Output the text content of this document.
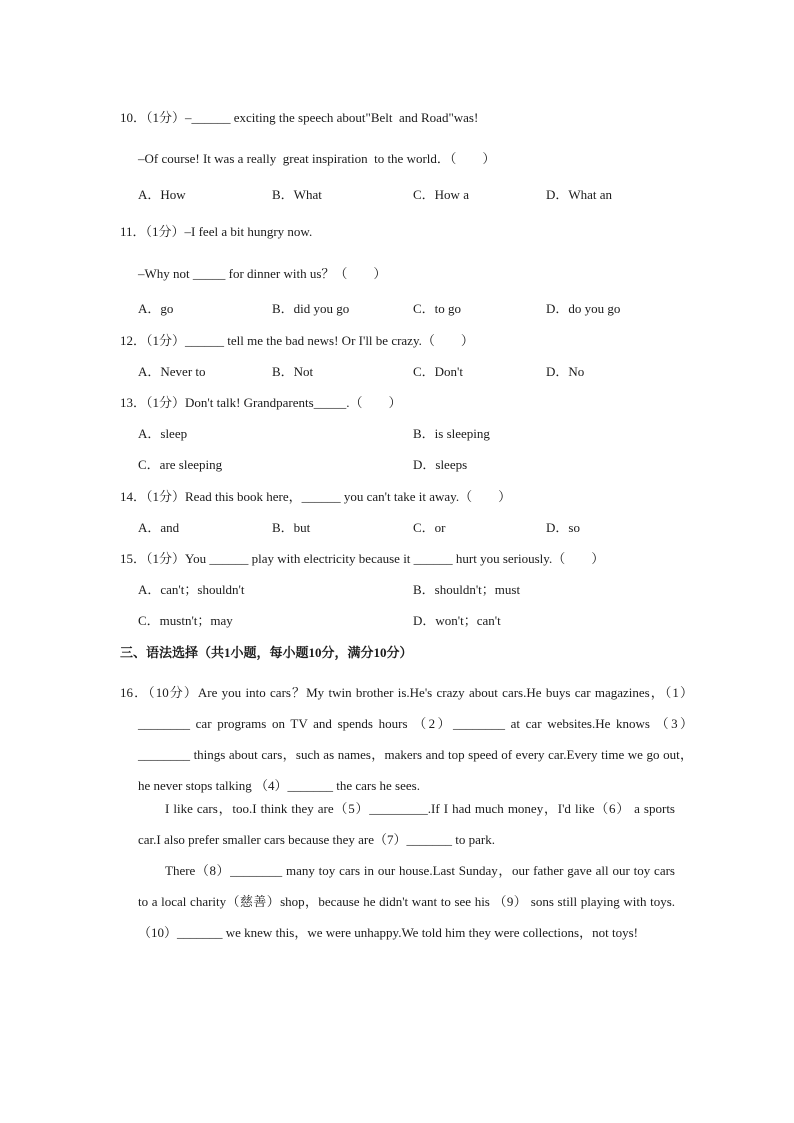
10．（1分）–______ exciting the speech about"Belt  and Road"was!
–Of course! It was a really  great inspiration  to the world．（　　）
A．How	B．What	C．How a	D．What an
11．（1分）–I feel a bit hungry now.
–Why not _____ for dinner with us？（　　）
A．go	B．did you go	C．to go	D．do you go
12．（1分）______ tell me the bad news! Or I'll be crazy.（　　）
A．Never to	B．Not	C．Don't	D．No
13．（1分）Don't talk! Grandparents_____.（　　）
A．sleep	B．is sleeping
C．are sleeping	D．sleeps
14．（1分）Read this book here，______ you can't take it away.（　　）
A．and	B．but	C．or	D．so
15．（1分）You ______ play with electricity because it ______ hurt you seriously.（　　）
A．can't；shouldn't	B．shouldn't；must
C．mustn't；may	D．won't；can't
三、语法选择（共1小题，每小题10分，满分10分）
16．（10分）Are you into cars？My twin brother is.He's crazy about cars.He buys car magazines，（1）________ car programs on TV and spends hours （2）________ at car websites.He knows （3）________ things about cars，such as names，makers and top speed of every car.Every time we go out，he never stops talking （4）_______ the cars he sees.
I like cars，too.I think they are（5）_________.If I had much money，I'd like（6） a sports car.I also prefer smaller cars because they are（7）_______ to park.
There（8）________ many toy cars in our house.Last Sunday，our father gave all our toy cars to a local charity（慈善）shop，because he didn't want to see his （9） sons still playing with toys.（10）_______ we knew this，we were unhappy.We told him they were collections，not toys!
